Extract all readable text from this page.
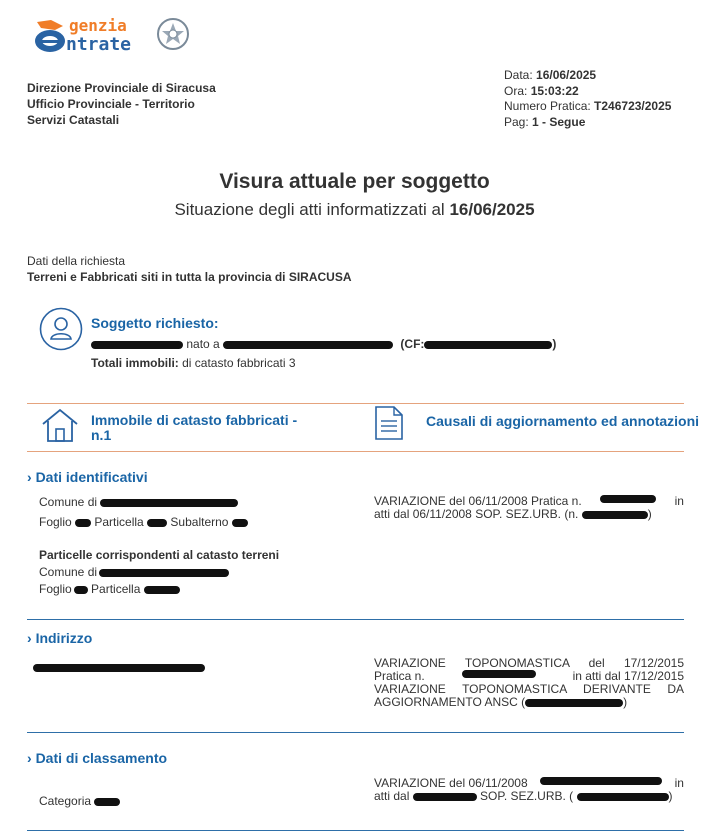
genzia
ntrate
Direzione Provinciale di Siracusa
Ufficio Provinciale - Territorio
Servizi Catastali
Data: 16/06/2025
Ora: 15:03:22
Numero Pratica: T246723/2025
Pag: 1 - Segue
Visura attuale per soggetto
Situazione degli atti informatizzati al 16/06/2025
Dati della richiesta
Terreni e Fabbricati siti in tutta la provincia di SIRACUSA
Soggetto richiesto:
nato a	(CF:	)
Totali immobili: di catasto fabbricati 3
Immobile di catasto fabbricati - n.1
Causali di aggiornamento ed annotazioni
› Dati identificativi
Comune di
Foglio Particella Subalterno
Particelle corrispondenti al catasto terreni
Comune di
Foglio Particella
VARIAZIONE del 06/11/2008 Pratica n.	in
atti dal 06/11/2008 SOP. SEZ.URB. (n.	)
› Indirizzo
VARIAZIONE TOPONOMASTICA del 17/12/2015
Pratica n.	in atti dal 17/12/2015
VARIAZIONE TOPONOMASTICA DERIVANTE DA
AGGIORNAMENTO ANSC (	)
› Dati di classamento
Categoria
VARIAZIONE del 06/11/2008	in
atti dal	SOP. SEZ.URB. (	)
